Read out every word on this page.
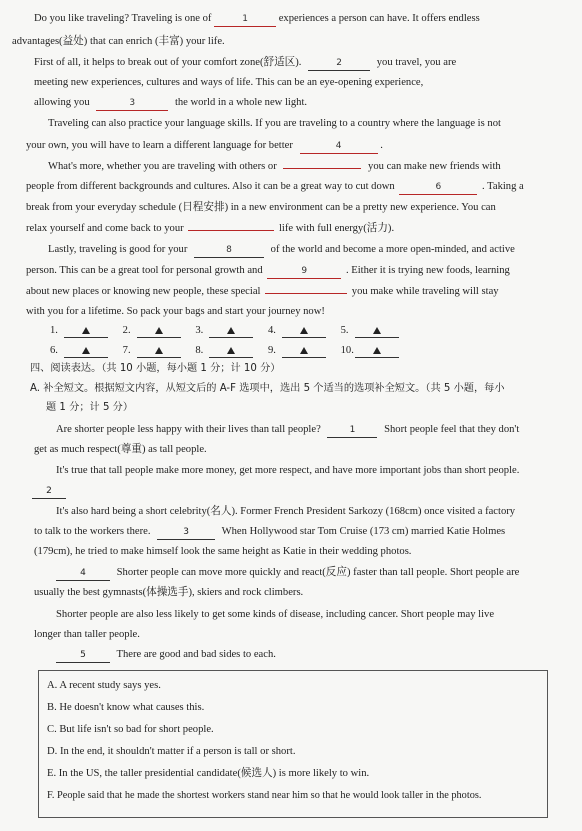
Do you like traveling? Traveling is one of	1	experiences a person can have. It offers endless
advantages(益处) that can enrich (丰富) your life.
First of all, it helps to break out of your comfort zone(舒适区).	2	you travel, you are
meeting new experiences, cultures and ways of life. This can be an eye-opening experience,
allowing you	3	the world in a whole new light.
Traveling can also practice your language skills. If you are traveling to a country where the language is not
your own, you will have to learn a different language for better	4	.
What's more, whether you are traveling with others or	you can make new friends with
people from different backgrounds and cultures. Also it can be a great way to cut down	6	. Taking a
break from your everyday schedule (日程安排) in a new environment can be a pretty new experience. You can
relax yourself and come back to your	life with full energy(活力).
Lastly, traveling is good for your	8	of the world and become a more open-minded, and active
person. This can be a great tool for personal growth and	9	. Either it is trying new foods, learning
about new places or knowing new people, these special	you make while traveling will stay
with you for a lifetime. So pack your bags and start your journey now!
1.	2.	3.	4.	5.
6.	7.	8.	9.	10.
四、阅读表达。（共 10 小题，每小题 1 分；计 10 分）
A. 补全短文。根据短文内容，从短文后的 A-F 选项中，选出 5 个适当的选项补全短文。（共 5 小题，每小
题 1 分；计 5 分）
Are shorter people less happy with their lives than tall people?	1	Short people feel that they don't
get as much respect(尊重) as tall people.
It's true that tall people make more money, get more respect, and have more important jobs than short people.
2
It's also hard being a short celebrity(名人). Former French President Sarkozy (168cm) once visited a factory
to talk to the workers there.	3	When Hollywood star Tom Cruise (173 cm) married Katie Holmes
(179cm), he tried to make himself look the same height as Katie in their wedding photos.
4	Shorter people can move more quickly and react(反应) faster than tall people. Short people are
usually the best gymnasts(体操选手), skiers and rock climbers.
Shorter people are also less likely to get some kinds of disease, including cancer. Short people may live
longer than taller people.
5	There are good and bad sides to each.
A. A recent study says yes.
B. He doesn't know what causes this.
C. But life isn't so bad for short people.
D. In the end, it shouldn't matter if a person is tall or short.
E. In the US, the taller presidential candidate(候选人) is more likely to win.
F. People said that he made the shortest workers stand near him so that he would look taller in the photos.
